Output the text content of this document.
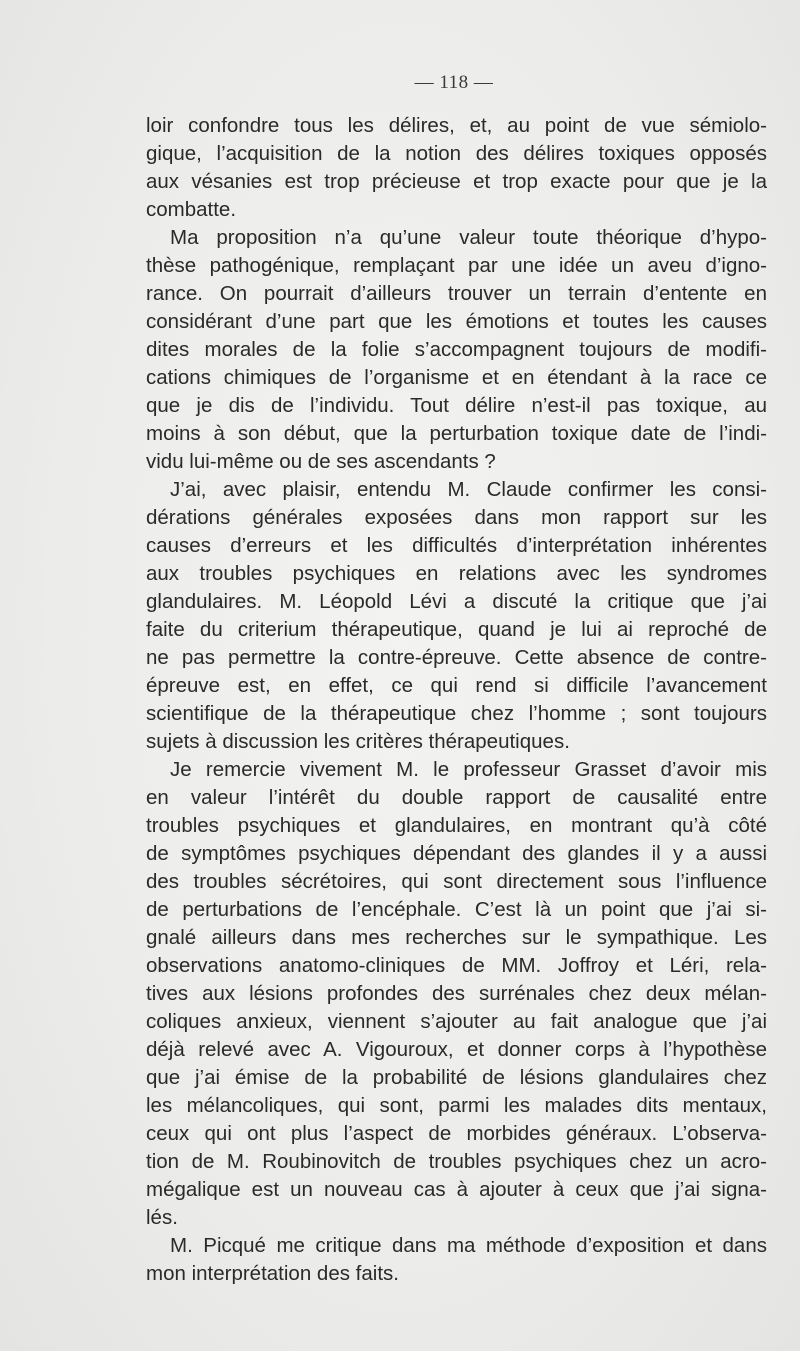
— 118 —
loir confondre tous les délires, et, au point de vue sémiolo-
gique, l’acquisition de la notion des délires toxiques opposés
aux vésanies est trop précieuse et trop exacte pour que je la
combatte.
Ma proposition n’a qu’une valeur toute théorique d’hypo-
thèse pathogénique, remplaçant par une idée un aveu d’igno-
rance. On pourrait d’ailleurs trouver un terrain d’entente en
considérant d’une part que les émotions et toutes les causes
dites morales de la folie s’accompagnent toujours de modifi-
cations chimiques de l’organisme et en étendant à la race ce
que je dis de l’individu. Tout délire n’est-il pas toxique, au
moins à son début, que la perturbation toxique date de l’indi-
vidu lui-même ou de ses ascendants ?
J’ai, avec plaisir, entendu M. Claude confirmer les consi-
dérations générales exposées dans mon rapport sur les
causes d’erreurs et les difficultés d’interprétation inhérentes
aux troubles psychiques en relations avec les syndromes
glandulaires. M. Léopold Lévi a discuté la critique que j’ai
faite du criterium thérapeutique, quand je lui ai reproché de
ne pas permettre la contre-épreuve. Cette absence de contre-
épreuve est, en effet, ce qui rend si difficile l’avancement
scientifique de la thérapeutique chez l’homme ; sont toujours
sujets à discussion les critères thérapeutiques.
Je remercie vivement M. le professeur Grasset d’avoir mis
en valeur l’intérêt du double rapport de causalité entre
troubles psychiques et glandulaires, en montrant qu’à côté
de symptômes psychiques dépendant des glandes il y a aussi
des troubles sécrétoires, qui sont directement sous l’influence
de perturbations de l’encéphale. C’est là un point que j’ai si-
gnalé ailleurs dans mes recherches sur le sympathique. Les
observations anatomo-cliniques de MM. Joffroy et Léri, rela-
tives aux lésions profondes des surrénales chez deux mélan-
coliques anxieux, viennent s’ajouter au fait analogue que j’ai
déjà relevé avec A. Vigouroux, et donner corps à l’hypothèse
que j’ai émise de la probabilité de lésions glandulaires chez
les mélancoliques, qui sont, parmi les malades dits mentaux,
ceux qui ont plus l’aspect de morbides généraux. L’observa-
tion de M. Roubinovitch de troubles psychiques chez un acro-
mégalique est un nouveau cas à ajouter à ceux que j’ai signa-
lés.
M. Picqué me critique dans ma méthode d’exposition et dans
mon interprétation des faits.
